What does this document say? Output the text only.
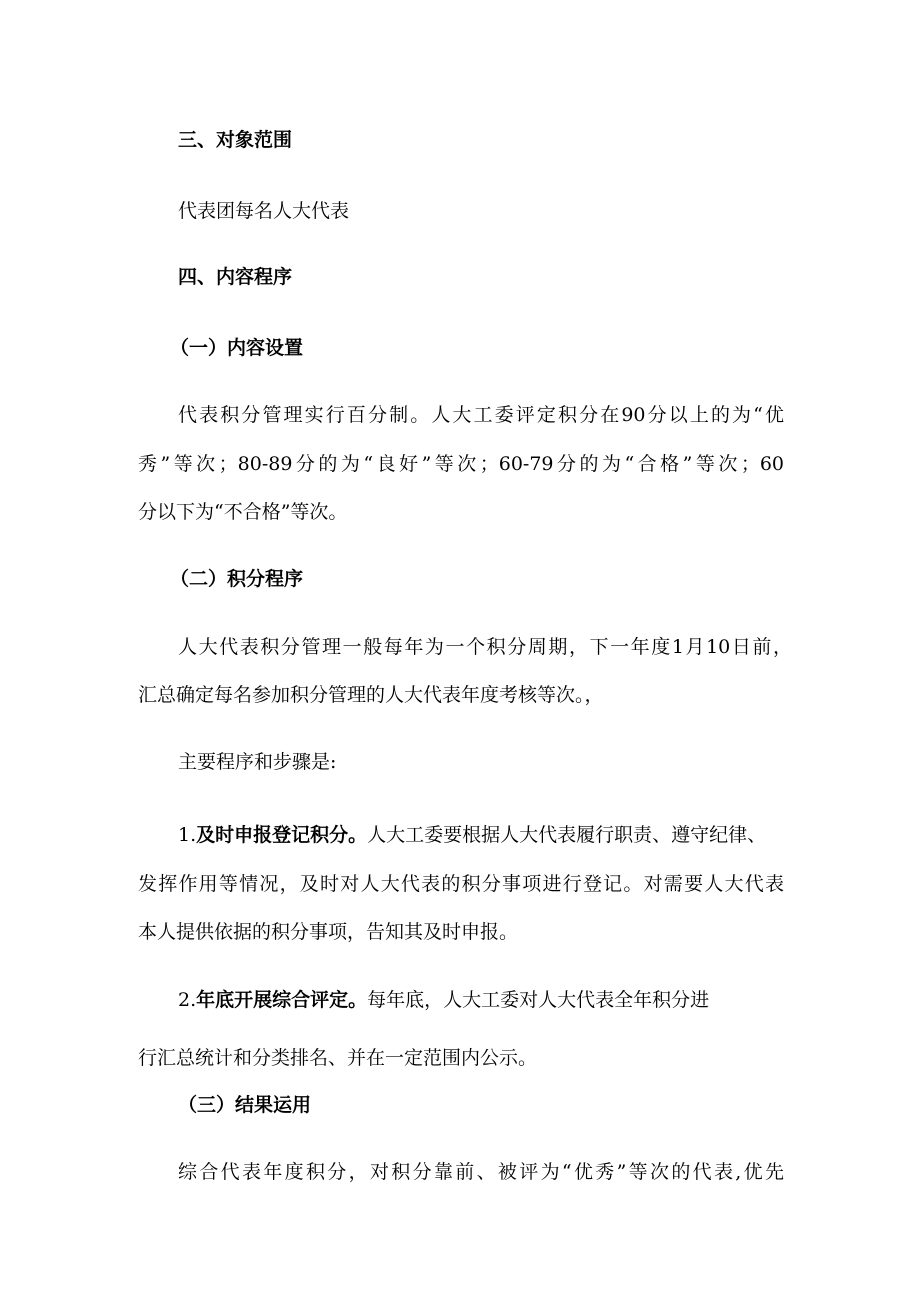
三、对象范围

代表团每名人大代表

四、内容程序

（一）内容设置

代表积分管理实行百分制。人大工委评定积分在90分以上的为“优

秀”等次；80-89分的为“良好”等次；60-79分的为“合格”等次；60

分以下为“不合格”等次。

（二）积分程序

人大代表积分管理一般每年为一个积分周期，下一年度1月10日前，

汇总确定每名参加积分管理的人大代表年度考核等次。，

主要程序和步骤是:

1.及时申报登记积分。人大工委要根据人大代表履行职责、遵守纪律、

发挥作用等情况，及时对人大代表的积分事项进行登记。对需要人大代表

本人提供依据的积分事项，告知其及时申报。

2.年底开展综合评定。每年底，人大工委对人大代表全年积分进

行汇总统计和分类排名、并在一定范围内公示。

（三）结果运用

综合代表年度积分，对积分靠前、被评为“优秀”等次的代表,优先
